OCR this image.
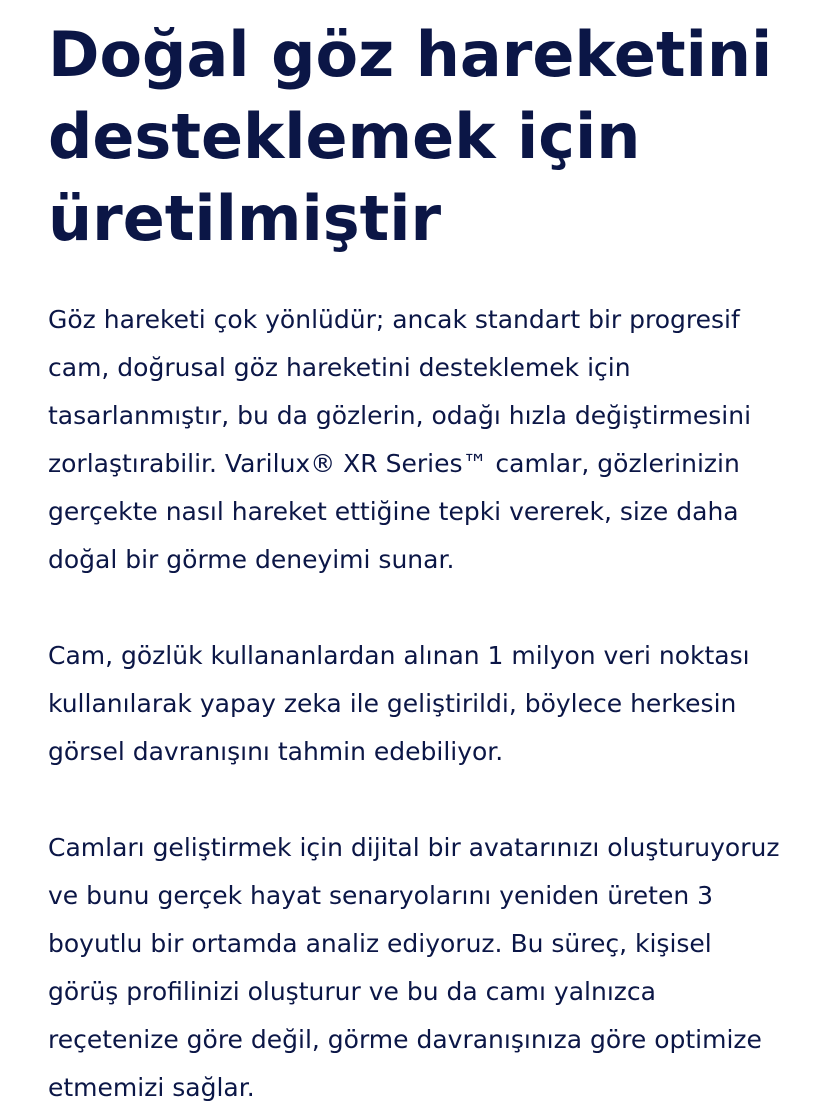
Doğal göz hareketini desteklemek için üretilmiştir

Göz hareketi çok yönlüdür; ancak standart bir progresif cam, doğrusal göz hareketini desteklemek için tasarlanmıştır, bu da gözlerin, odağı hızla değiştirmesini zorlaştırabilir. Varilux® XR Series™ camlar, gözlerinizin gerçekte nasıl hareket ettiğine tepki vererek, size daha doğal bir görme deneyimi sunar.

Cam, gözlük kullananlardan alınan 1 milyon veri noktası kullanılarak yapay zeka ile geliştirildi, böylece herkesin görsel davranışını tahmin edebiliyor.

Camları geliştirmek için dijital bir avatarınızı oluşturuyoruz ve bunu gerçek hayat senaryolarını yeniden üreten 3 boyutlu bir ortamda analiz ediyoruz. Bu süreç, kişisel görüş profilinizi oluşturur ve bu da camı yalnızca reçetenize göre değil, görme davranışınıza göre optimize etmemizi sağlar.
